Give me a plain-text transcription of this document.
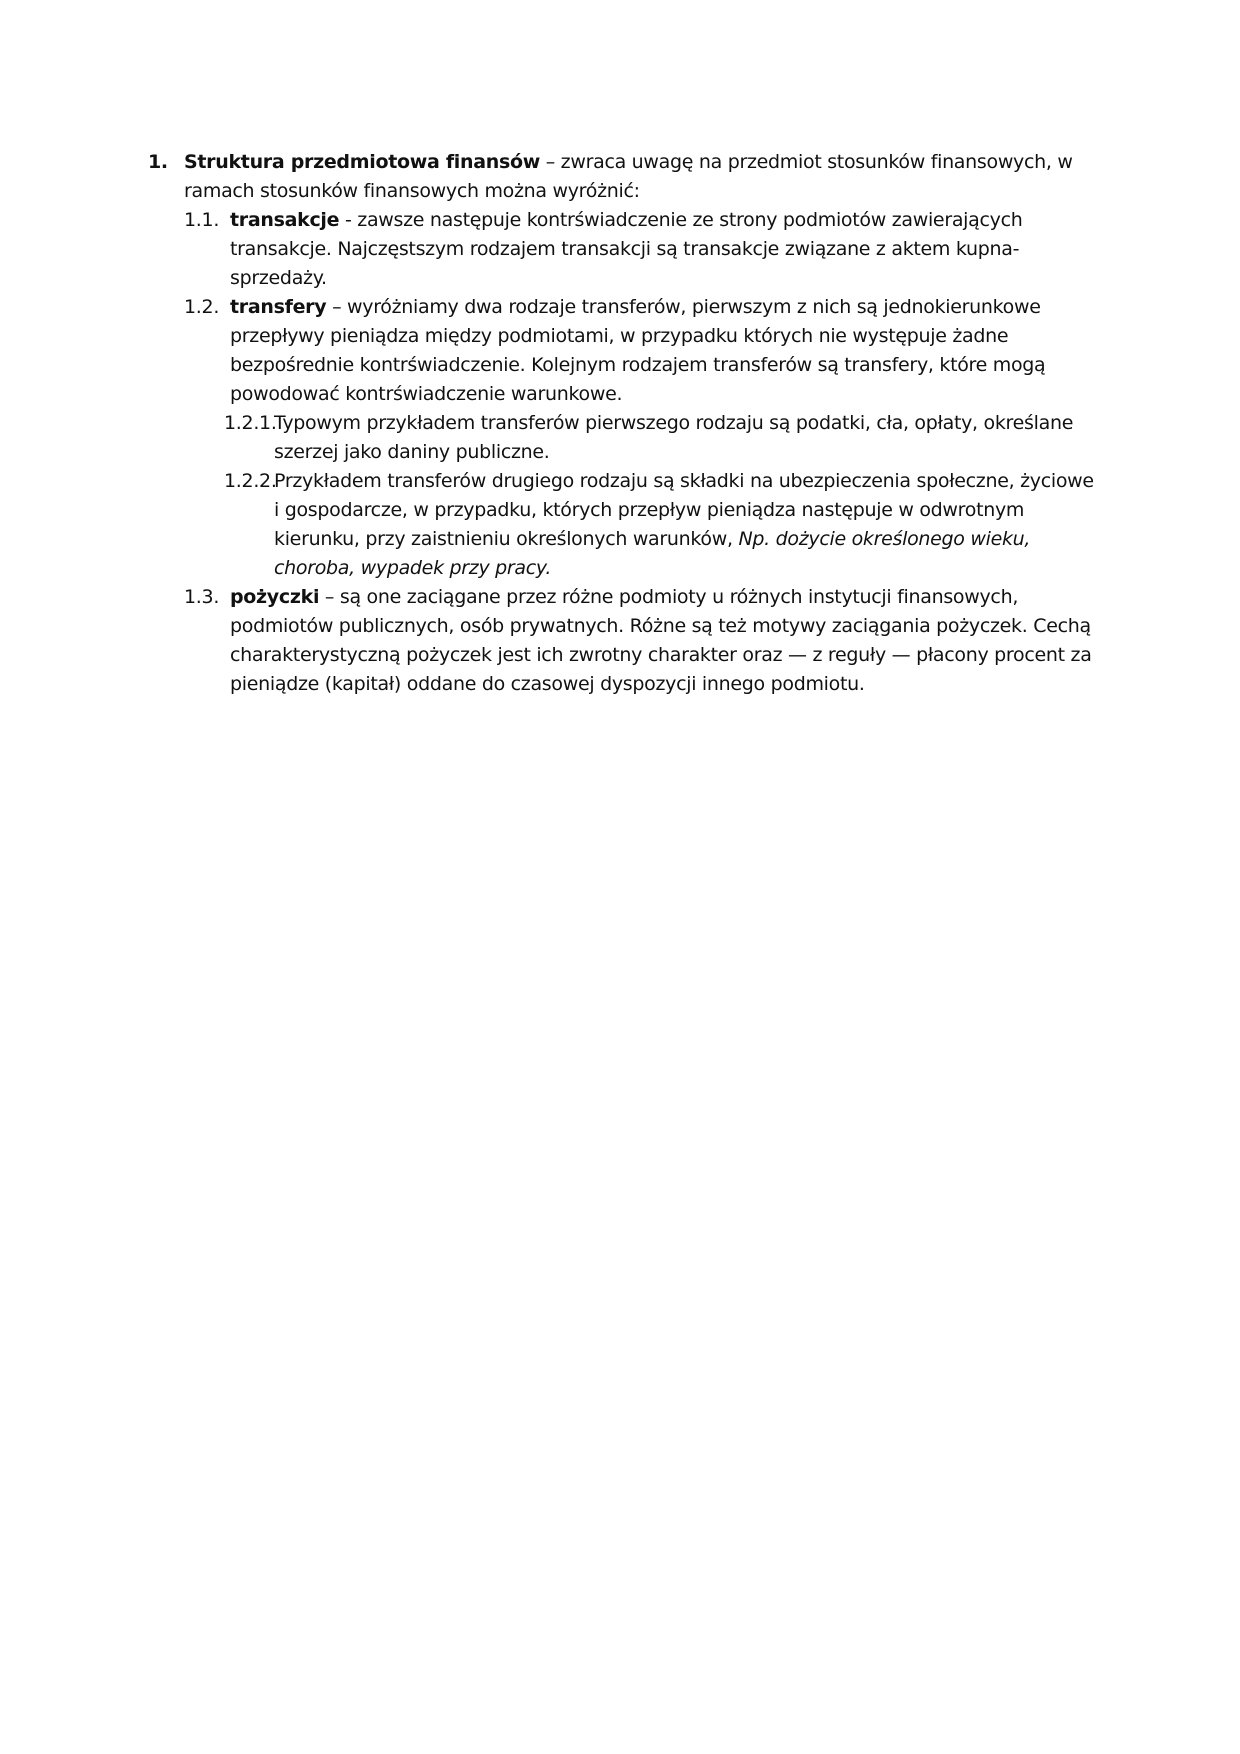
1. Struktura przedmiotowa finansów – zwraca uwagę na przedmiot stosunków finansowych, w ramach stosunków finansowych można wyróżnić:
1.1. transakcje - zawsze następuje kontrświadczenie ze strony podmiotów zawierających transakcje. Najczęstszym rodzajem transakcji są transakcje związane z aktem kupna-sprzedaży.
1.2. transfery – wyróżniamy dwa rodzaje transferów, pierwszym z nich są jednokierunkowe przepływy pieniądza między podmiotami, w przypadku których nie występuje żadne bezpośrednie kontrświadczenie. Kolejnym rodzajem transferów są transfery, które mogą powodować kontrświadczenie warunkowe.
1.2.1.
Typowym przykładem transferów pierwszego rodzaju są podatki, cła, opłaty, określane szerzej jako daniny publiczne.
1.2.2.
Przykładem transferów drugiego rodzaju są składki na ubezpieczenia społeczne, życiowe i gospodarcze, w przypadku, których przepływ pieniądza następuje w odwrotnym kierunku, przy zaistnieniu określonych warunków, Np. dożycie określonego wieku, choroba, wypadek przy pracy.
1.3. pożyczki – są one zaciągane przez różne podmioty u różnych instytucji finansowych, podmiotów publicznych, osób prywatnych. Różne są też motywy zaciągania pożyczek. Cechą charakterystyczną pożyczek jest ich zwrotny charakter oraz — z reguły — płacony procent za pieniądze (kapitał) oddane do czasowej dyspozycji innego podmiotu.
